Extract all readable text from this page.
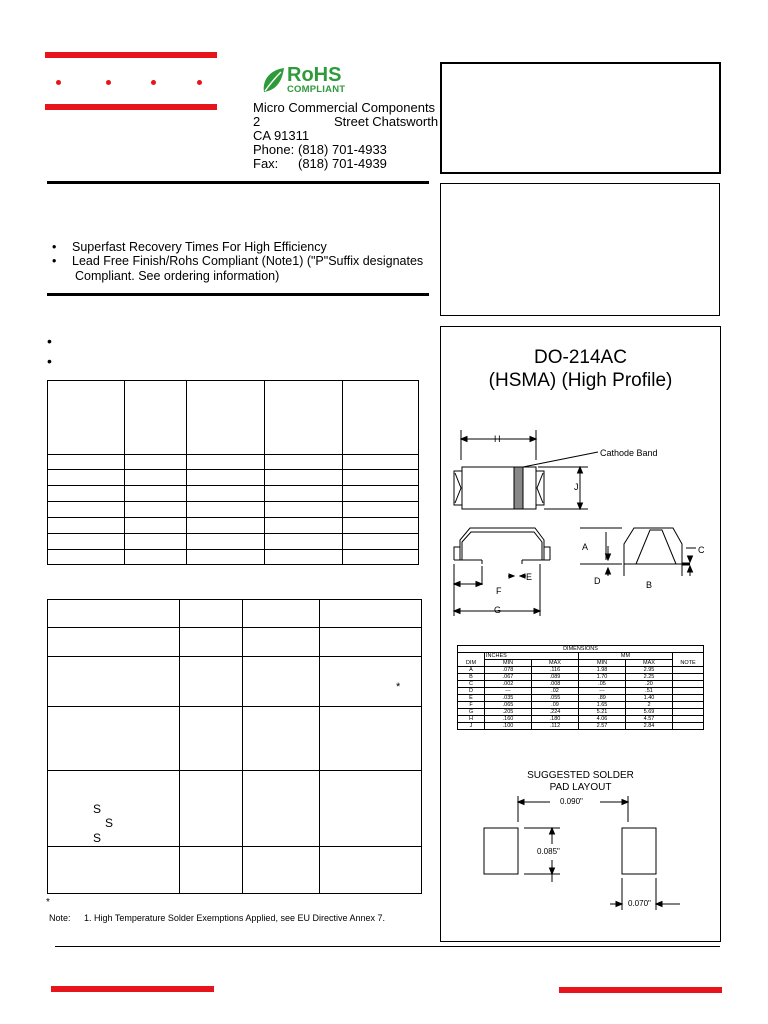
RoHS
COMPLIANT
Micro Commercial Components
2	Street Chatsworth
CA 91311
Phone: (818) 701-4933
Fax: (818) 701-4939
• Superfast Recovery Times For High Efficiency
• Lead Free Finish/Rohs Compliant (Note1) ("P"Suffix designates
Compliant. See ordering information)
•
•

			*

S
S
S			

*
Note: 1. High Temperature Solder Exemptions Applied, see EU Directive Annex 7.
DO-214AC
(HSMA) (High Profile)
H
Cathode Band
J
A	C
D	B
E
F
G
DIMENSIONS					
	INCHES		MM		
DIM	MIN	MAX	MIN	MAX	NOTE
A	.078	.116	1.98	2.95	
B	.067	.089	1.70	2.25	
C	.002	.008	.05	.20	
D	---	.02	---	.51	
E	.035	.055	.89	1.40	
F	.065	.09	1.65	2	
G	.205	.224	5.21	5.69	
H	.160	.180	4.06	4.57	
J	.100	.112	2.57	2.84	
SUGGESTED SOLDER
PAD LAYOUT
0.090"
0.085"
0.070"
